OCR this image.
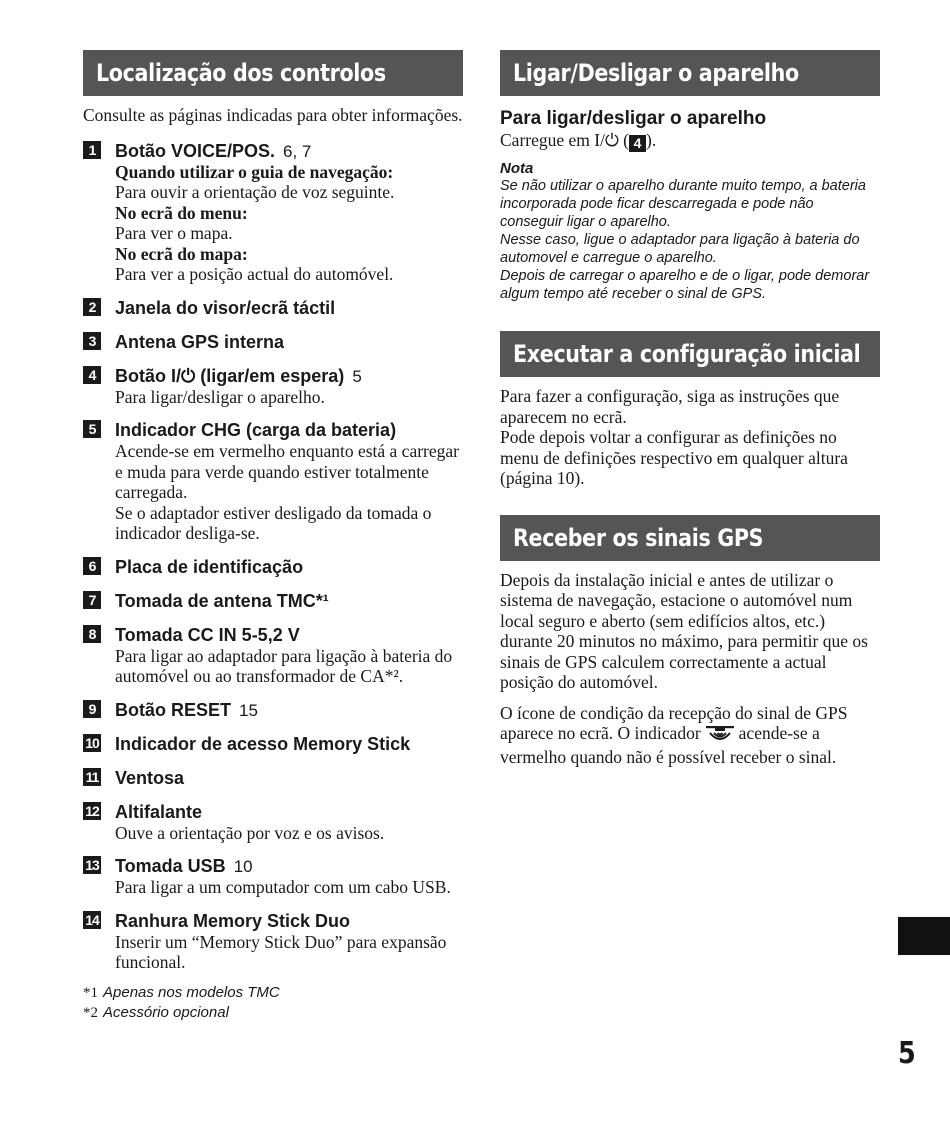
Localização dos controlos
Consulte as páginas indicadas para obter informações.
1	Botão VOICE/POS. 6, 7
Quando utilizar o guia de navegação:
Para ouvir a orientação de voz seguinte.
No ecrã do menu:
Para ver o mapa.
No ecrã do mapa:
Para ver a posição actual do automóvel.
2	Janela do visor/ecrã táctil
3	Antena GPS interna
4	Botão I/⏻ (ligar/em espera) 5
Para ligar/desligar o aparelho.
5	Indicador CHG (carga da bateria)
Acende-se em vermelho enquanto está a carregar e muda para verde quando estiver totalmente carregada.
Se o adaptador estiver desligado da tomada o indicador desliga-se.
6	Placa de identificação
7	Tomada de antena TMC*¹
8	Tomada CC IN 5-5,2 V
Para ligar ao adaptador para ligação à bateria do automóvel ou ao transformador de CA*².
9	Botão RESET 15
10 Indicador de acesso Memory Stick
11 Ventosa
12 Altifalante
Ouve a orientação por voz e os avisos.
13 Tomada USB 10
Para ligar a um computador com um cabo USB.
14 Ranhura Memory Stick Duo
Inserir um “Memory Stick Duo” para expansão funcional.
*1 Apenas nos modelos TMC
*2 Acessório opcional
Ligar/Desligar o aparelho
Para ligar/desligar o aparelho
Carregue em I/⏻ ( 4 ).
Nota
Se não utilizar o aparelho durante muito tempo, a bateria incorporada pode ficar descarregada e pode não conseguir ligar o aparelho.
Nesse caso, ligue o adaptador para ligação à bateria do automovel e carregue o aparelho.
Depois de carregar o aparelho e de o ligar, pode demorar algum tempo até receber o sinal de GPS.
Executar a configuração inicial
Para fazer a configuração, siga as instruções que aparecem no ecrã.
Pode depois voltar a configurar as definições no menu de definições respectivo em qualquer altura (página 10).
Receber os sinais GPS
Depois da instalação inicial e antes de utilizar o sistema de navegação, estacione o automóvel num local seguro e aberto (sem edifícios altos, etc.) durante 20 minutos no máximo, para permitir que os sinais de GPS calculem correctamente a actual posição do automóvel.
O ícone de condição da recepção do sinal de GPS aparece no ecrã. O indicador acende-se a vermelho quando não é possível receber o sinal.
5
